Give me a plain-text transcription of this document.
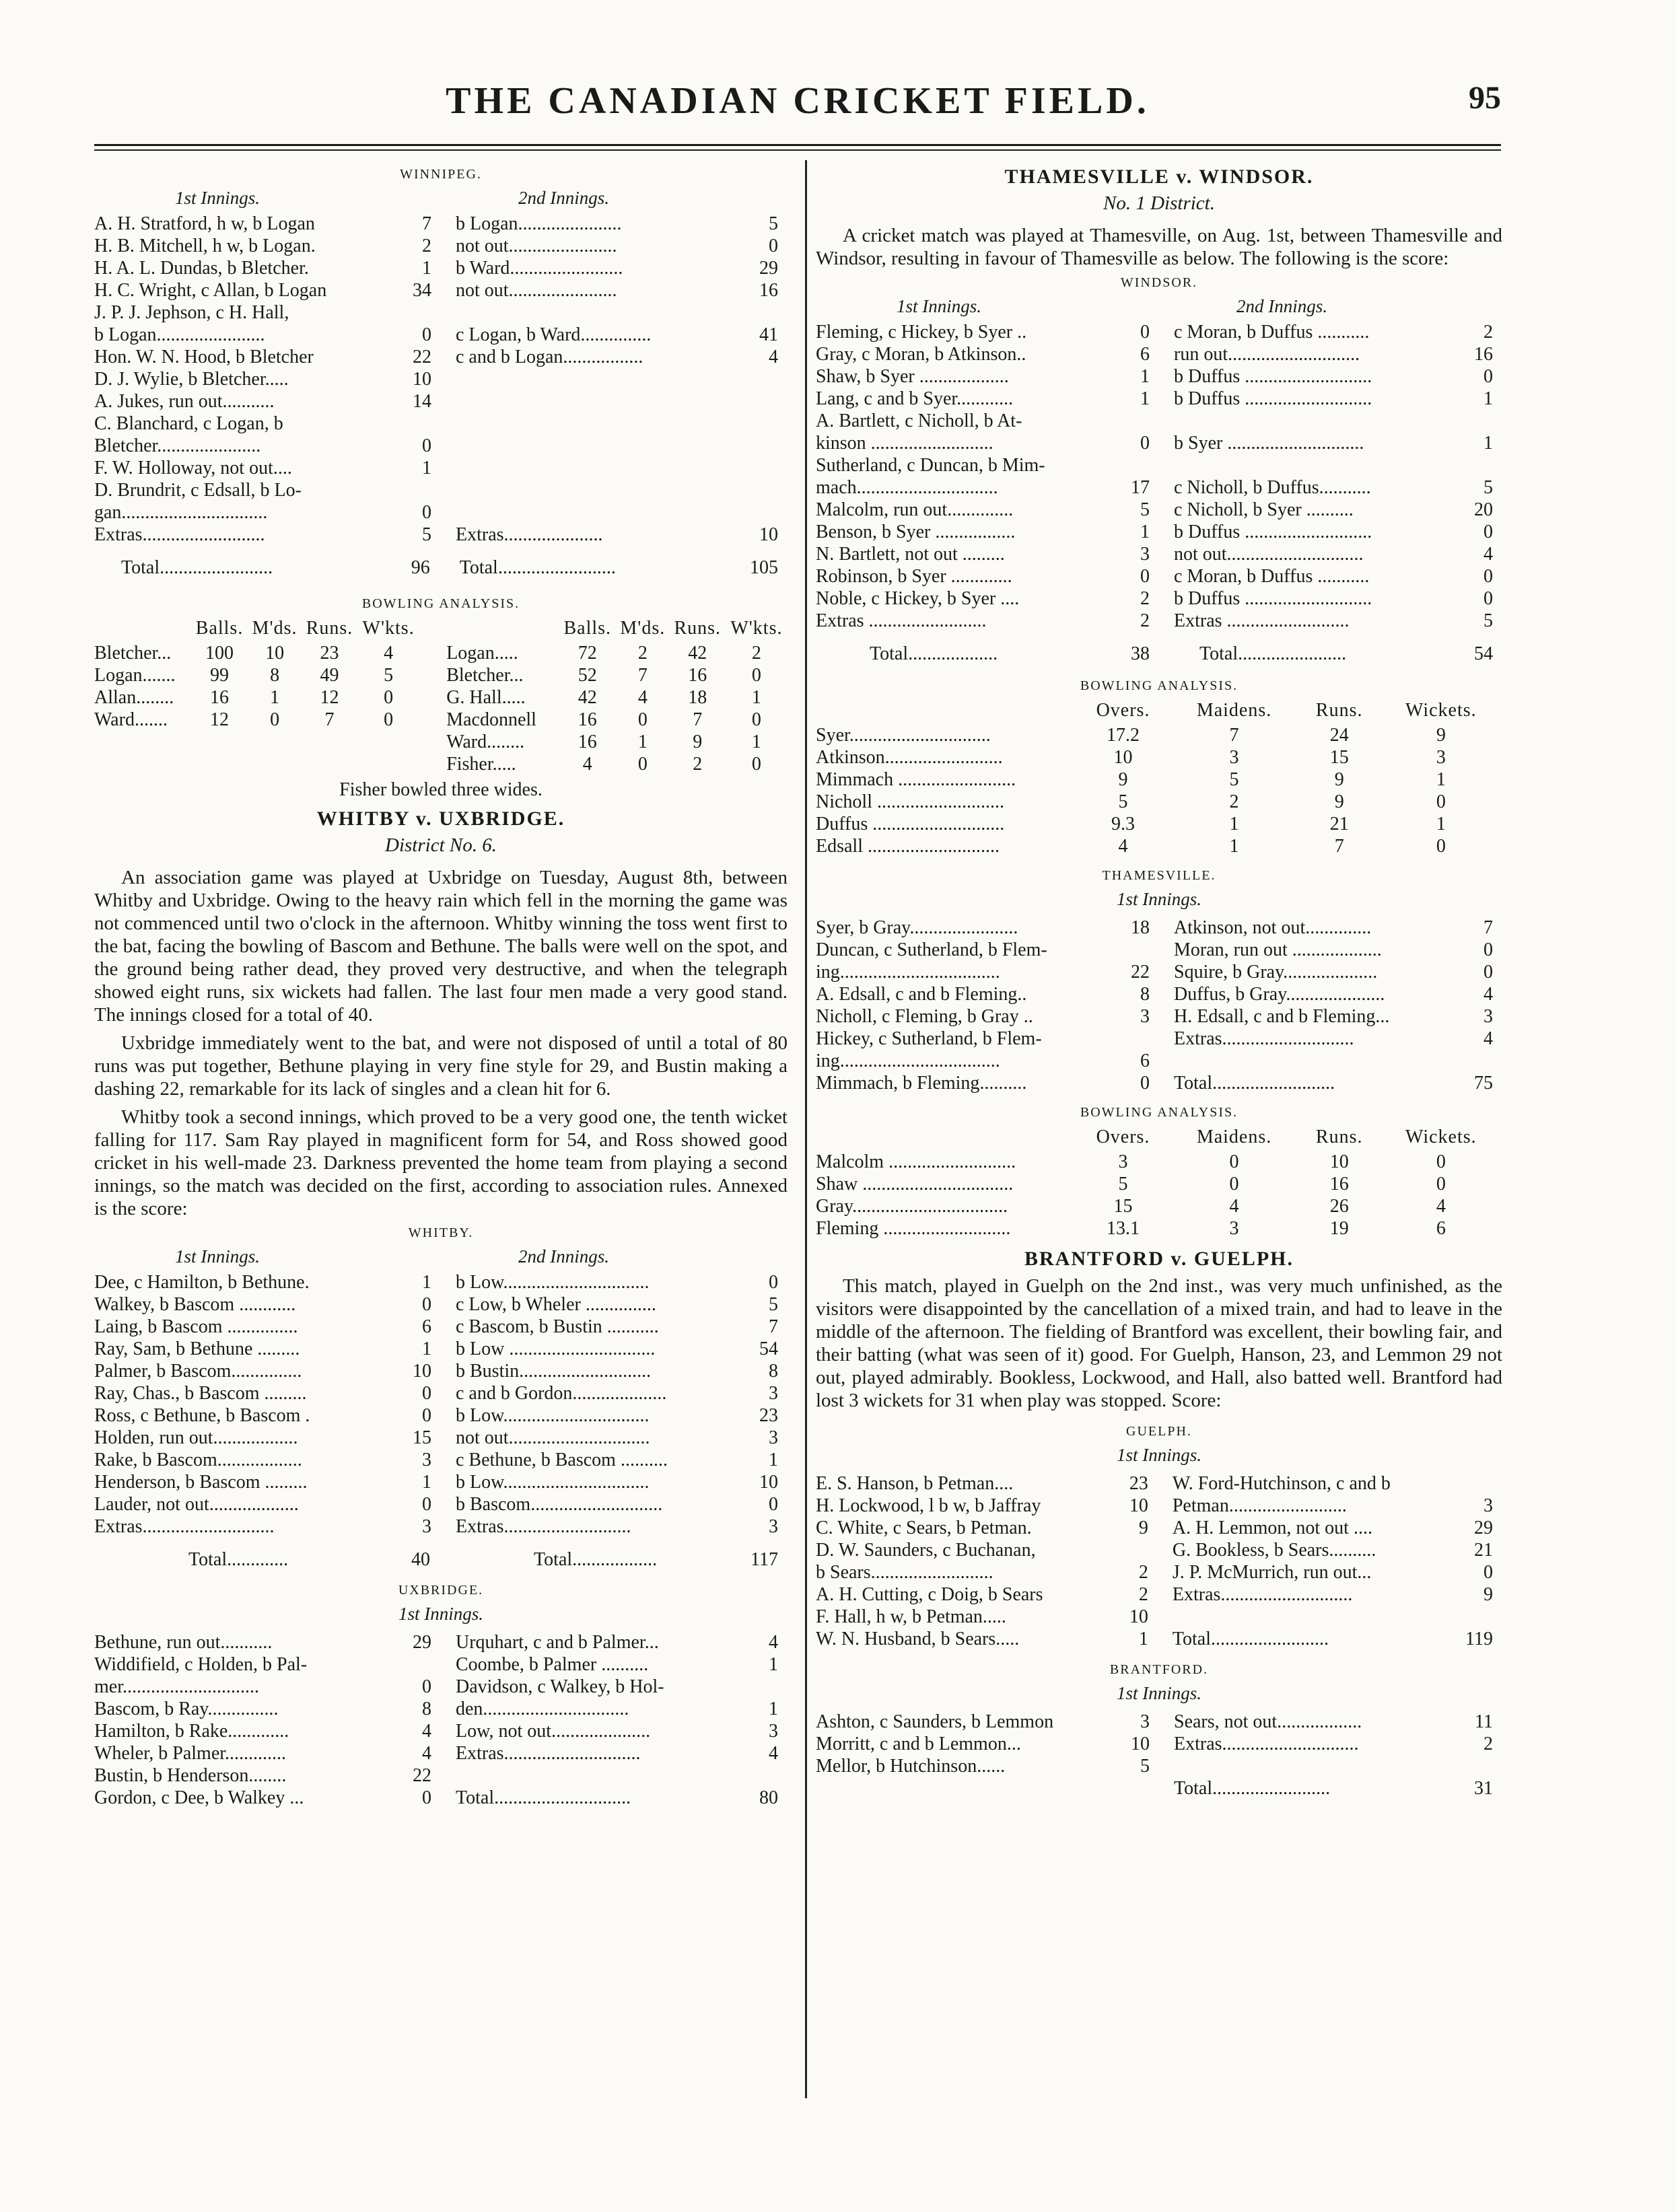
THE CANADIAN CRICKET FIELD.	95
WINNIPEG.
1st Innings.	2nd Innings.
A. H. Stratford, h w, b Logan	7	b Logan......................	5
H. B. Mitchell, h w, b Logan.	2	not out.......................	0
H. A. L. Dundas, b Bletcher.	1	b Ward........................	29
H. C. Wright, c Allan, b Logan	34	not out.......................	16
J. P. J. Jephson, c H. Hall,			
b Logan.......................	0	c Logan, b Ward...............	41
Hon. W. N. Hood, b Bletcher	22	c and b Logan.................	4
D. J. Wylie, b Bletcher.....	10		
A. Jukes, run out...........	14		
C. Blanchard, c Logan, b			
Bletcher......................	0		
F. W. Holloway, not out....	1		
D. Brundrit, c Edsall, b Lo-			
gan...............................	0		
Extras..........................	5	Extras.....................	10
Total........................	96	Total.........................	105
BOWLING ANALYSIS.
	Balls.	M'ds.	Runs.	W'kts.		Balls.	M'ds.	Runs.	W'kts.
Bletcher...	100	10	23	4	Logan.....	72	2	42	2
Logan.......	99	8	49	5	Bletcher...	52	7	16	0
Allan........	16	1	12	0	G. Hall.....	42	4	18	1
Ward.......	12	0	7	0	Macdonnell	16	0	7	0
					Ward........	16	1	9	1
					Fisher.....	4	0	2	0
Fisher bowled three wides.
WHITBY v. UXBRIDGE.
District No. 6.

An association game was played at Uxbridge on Tuesday, August 8th, between Whitby and Uxbridge. Owing to the heavy rain which fell in the morning the game was not commenced until two o'clock in the afternoon. Whitby winning the toss went first to the bat, facing the bowling of Bascom and Bethune. The balls were well on the spot, and the ground being rather dead, they proved very destructive, and when the telegraph showed eight runs, six wickets had fallen. The last four men made a very good stand. The innings closed for a total of 40.

Uxbridge immediately went to the bat, and were not disposed of until a total of 80 runs was put together, Bethune playing in very fine style for 29, and Bustin making a dashing 22, remarkable for its lack of singles and a clean hit for 6.

Whitby took a second innings, which proved to be a very good one, the tenth wicket falling for 117. Sam Ray played in magnificent form for 54, and Ross showed good cricket in his well-made 23. Darkness prevented the home team from playing a second innings, so the match was decided on the first, according to association rules. Annexed is the score:

WHITBY.
1st Innings.	2nd Innings.
Dee, c Hamilton, b Bethune.	1	b Low...............................	0
Walkey, b Bascom ............	0	c Low, b Wheler ...............	5
Laing, b Bascom ...............	6	c Bascom, b Bustin ...........	7
Ray, Sam, b Bethune .........	1	b Low ...............................	54
Palmer, b Bascom...............	10	b Bustin............................	8
Ray, Chas., b Bascom .........	0	c and b Gordon....................	3
Ross, c Bethune, b Bascom .	0	b Low...............................	23
Holden, run out..................	15	not out..............................	3
Rake, b Bascom..................	3	c Bethune, b Bascom ..........	1
Henderson, b Bascom .........	1	b Low...............................	10
Lauder, not out...................	0	b Bascom............................	0
Extras............................	3	Extras...........................	3
Total.............	40	Total..................	117
UXBRIDGE.
1st Innings.
Bethune, run out...........	29	Urquhart, c and b Palmer...	4
Widdifield, c Holden, b Pal-		Coombe, b Palmer ..........	1
mer.............................	0	Davidson, c Walkey, b Hol-	
Bascom, b Ray...............	8	den...............................	1
Hamilton, b Rake.............	4	Low, not out.....................	3
Wheler, b Palmer.............	4	Extras.............................	4
Bustin, b Henderson........	22		
Gordon, c Dee, b Walkey ...	0	Total.............................	80
THAMESVILLE v. WINDSOR.
No. 1 District.

A cricket match was played at Thamesville, on Aug. 1st, between Thamesville and Windsor, resulting in favour of Thamesville as below. The following is the score:

WINDSOR.
1st Innings.	2nd Innings.
Fleming, c Hickey, b Syer ..	0	c Moran, b Duffus ...........	2
Gray, c Moran, b Atkinson..	6	run out............................	16
Shaw, b Syer ...................	1	b Duffus ...........................	0
Lang, c and b Syer............	1	b Duffus ...........................	1
A. Bartlett, c Nicholl, b At-			
kinson ..........................	0	b Syer .............................	1
Sutherland, c Duncan, b Mim-			
mach..............................	17	c Nicholl, b Duffus...........	5
Malcolm, run out..............	5	c Nicholl, b Syer ..........	20
Benson, b Syer .................	1	b Duffus ...........................	0
N. Bartlett, not out .........	3	not out.............................	4
Robinson, b Syer .............	0	c Moran, b Duffus ...........	0
Noble, c Hickey, b Syer ....	2	b Duffus ...........................	0
Extras .........................	2	Extras ..........................	5
Total...................	38	Total.......................	54
BOWLING ANALYSIS.
	Overs.	Maidens.	Runs.	Wickets.
Syer..............................	17.2	7	24	9
Atkinson.........................	10	3	15	3
Mimmach .........................	9	5	9	1
Nicholl ...........................	5	2	9	0
Duffus ............................	9.3	1	21	1
Edsall ............................	4	1	7	0
THAMESVILLE.
1st Innings.
Syer, b Gray.......................	18	Atkinson, not out..............	7
Duncan, c Sutherland, b Flem-		Moran, run out ...................	0
ing..................................	22	Squire, b Gray....................	0
A. Edsall, c and b Fleming..	8	Duffus, b Gray.....................	4
Nicholl, c Fleming, b Gray ..	3	H. Edsall, c and b Fleming...	3
Hickey, c Sutherland, b Flem-		Extras............................	4
ing..................................	6		
Mimmach, b Fleming..........	0	Total..........................	75
BOWLING ANALYSIS.
	Overs.	Maidens.	Runs.	Wickets.
Malcolm ...........................	3	0	10	0
Shaw ................................	5	0	16	0
Gray.................................	15	4	26	4
Fleming ...........................	13.1	3	19	6
BRANTFORD v. GUELPH.

This match, played in Guelph on the 2nd inst., was very much unfinished, as the visitors were disappointed by the cancellation of a mixed train, and had to leave in the middle of the afternoon. The fielding of Brantford was excellent, their bowling fair, and their batting (what was seen of it) good. For Guelph, Hanson, 23, and Lemmon 29 not out, played admirably. Bookless, Lockwood, and Hall, also batted well. Brantford had lost 3 wickets for 31 when play was stopped. Score:

GUELPH.
1st Innings.
E. S. Hanson, b Petman....	23	W. Ford-Hutchinson, c and b	
H. Lockwood, l b w, b Jaffray	10	Petman.........................	3
C. White, c Sears, b Petman.	9	A. H. Lemmon, not out ....	29
D. W. Saunders, c Buchanan,		G. Bookless, b Sears..........	21
b Sears..........................	2	J. P. McMurrich, run out...	0
A. H. Cutting, c Doig, b Sears	2	Extras............................	9
F. Hall, h w, b Petman.....	10		
W. N. Husband, b Sears.....	1	Total.........................	119
BRANTFORD.
1st Innings.
Ashton, c Saunders, b Lemmon	3	Sears, not out..................	11
Morritt, c and b Lemmon...	10	Extras.............................	2
Mellor, b Hutchinson......	5		
		Total.........................	31
